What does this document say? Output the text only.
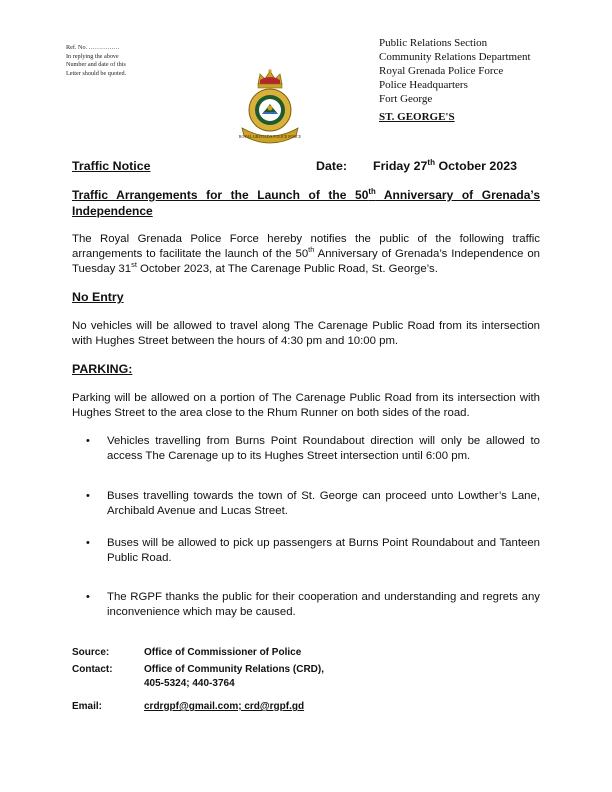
Ref. No. ……………
In replying the above
Number and date of this
Letter should be quoted.
ROYAL GRENADA POLICE FORCE
Public Relations Section
Community Relations Department
Royal Grenada Police Force
Police Headquarters
Fort George
ST. GEORGE'S
Traffic Notice	Date: Friday 27th October 2023
Traffic Arrangements for the Launch of the 50th Anniversary of Grenada’s
Independence
The Royal Grenada Police Force hereby notifies the public of the following traffic arrangements to facilitate the launch of the 50th Anniversary of Grenada’s Independence on Tuesday 31st October 2023, at The Carenage Public Road, St. George’s.
No Entry
No vehicles will be allowed to travel along The Carenage Public Road from its intersection with Hughes Street between the hours of 4:30 pm and 10:00 pm.
PARKING:
Parking will be allowed on a portion of The Carenage Public Road from its intersection with Hughes Street to the area close to the Rhum Runner on both sides of the road.
• Vehicles travelling from Burns Point Roundabout direction will only be allowed to access The Carenage up to its Hughes Street intersection until 6:00 pm.
• Buses travelling towards the town of St. George can proceed unto Lowther’s Lane, Archibald Avenue and Lucas Street.
• Buses will be allowed to pick up passengers at Burns Point Roundabout and Tanteen Public Road.
• The RGPF thanks the public for their cooperation and understanding and regrets any inconvenience which may be caused.
Source:	Office of Commissioner of Police
Contact:	Office of Community Relations (CRD),
405-5324; 440-3764
Email:	crdrgpf@gmail.com; crd@rgpf.gd
